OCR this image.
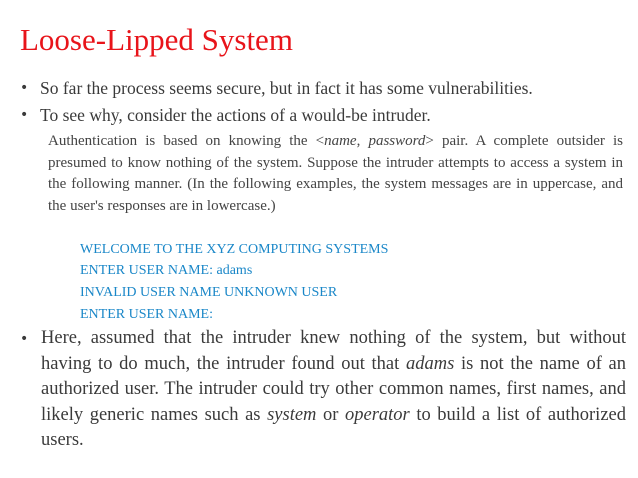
Loose-Lipped System
• So far the process seems secure, but in fact it has some vulnerabilities.
• To see why, consider the actions of a would-be intruder.
Authentication is based on knowing the <name, password> pair. A complete outsider is presumed to know nothing of the system. Suppose the intruder attempts to access a system in the following manner. (In the following examples, the system messages are in uppercase, and the user's responses are in lowercase.)
WELCOME TO THE XYZ COMPUTING SYSTEMS
ENTER USER NAME: adams
INVALID USER NAME UNKNOWN USER
ENTER USER NAME:
• Here, assumed that the intruder knew nothing of the system, but without having to do much, the intruder found out that adams is not the name of an authorized user. The intruder could try other common names, first names, and likely generic names such as system or operator to build a list of authorized users.
